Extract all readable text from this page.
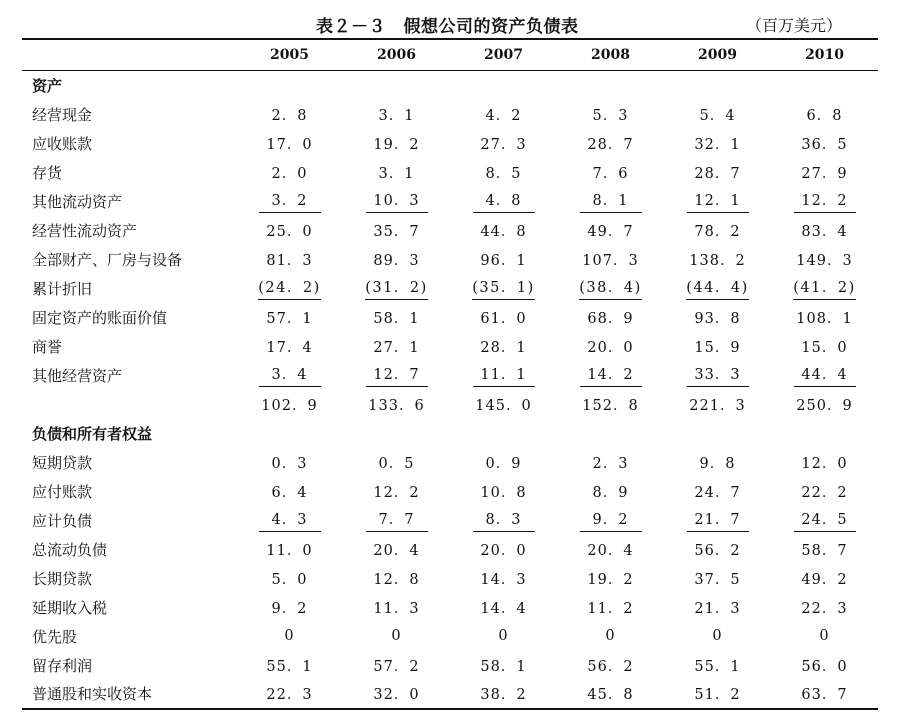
表２－３　假想公司的资产负债表	（百万美元）
	2005	2006	2007	2008	2009	2010
资产						
经营现金	2．8	3．1	4．2	5．3	5．4	6．8
应收账款	17．0	19．2	27．3	28．7	32．1	36．5
存货	2．0	3．1	8．5	7．6	28．7	27．9
其他流动资产	3．2	10．3	4．8	8．1	12．1	12．2
经营性流动资产	25．0	35．7	44．8	49．7	78．2	83．4
全部财产、厂房与设备	81．3	89．3	96．1	107．3	138．2	149．3
累计折旧	(24．2)	(31．2)	(35．1)	(38．4)	(44．4)	(41．2)
固定资产的账面价值	57．1	58．1	61．0	68．9	93．8	108．1
商誉	17．4	27．1	28．1	20．0	15．9	15．0
其他经营资产	3．4	12．7	11．1	14．2	33．3	44．4
	102．9	133．6	145．0	152．8	221．3	250．9
负债和所有者权益						
短期贷款	0．3	0．5	0．9	2．3	9．8	12．0
应付账款	6．4	12．2	10．8	8．9	24．7	22．2
应计负债	4．3	7．7	8．3	9．2	21．7	24．5
总流动负债	11．0	20．4	20．0	20．4	56．2	58．7
长期贷款	5．0	12．8	14．3	19．2	37．5	49．2
延期收入税	9．2	11．3	14．4	11．2	21．3	22．3
优先股	0	0	0	0	0	0
留存利润	55．1	57．2	58．1	56．2	55．1	56．0
普通股和实收资本	22．3	32．0	38．2	45．8	51．2	63．7
